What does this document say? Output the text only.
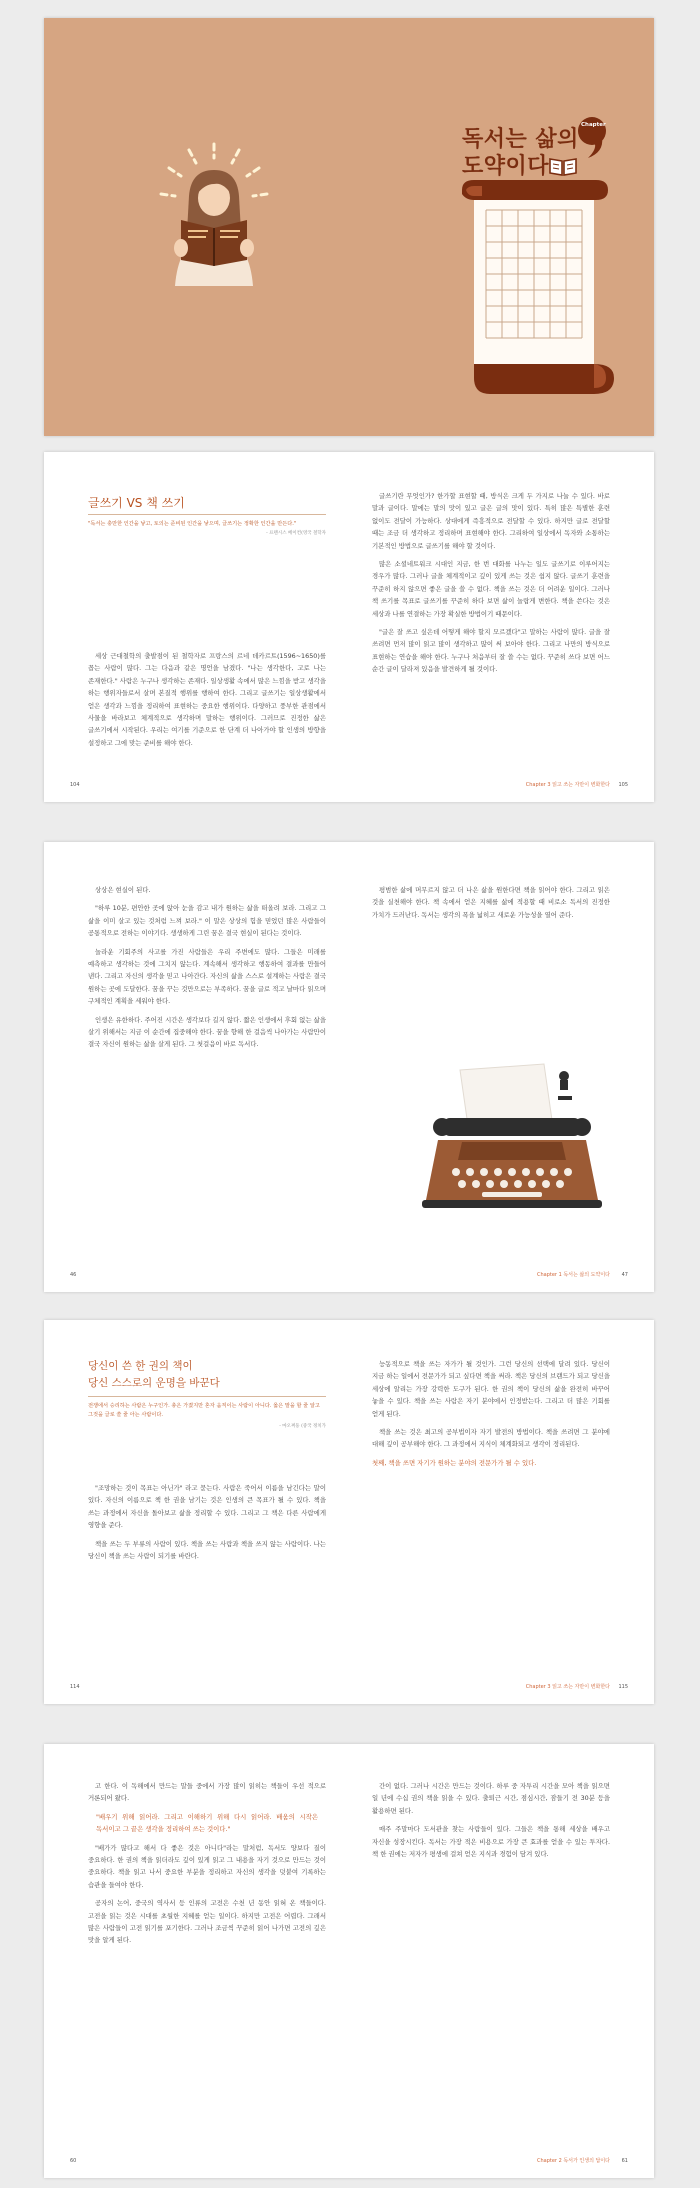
독서는 삶의
도약이다
Chapter
글쓰기 VS 책 쓰기
"독서는 충만한 인간을 낳고, 토의는 준비된 인간을 낳으며, 글쓰기는 정확한 인간을 만든다."
- 프랜시스 베이컨(영국 철학자

세상 근대철학의 출발점이 된 철학자로 프랑스의 르네 데카르트(1596~1650)를 꼽는 사람이 많다. 그는 다음과 같은 명언을 남겼다. "나는 생각한다, 고로 나는 존재한다." 사람은 누구나 생각하는 존재다. 일상생활 속에서 많은 느낌을 받고 생각을 하는 행위자들로서 살며 본질적 행위를 행하여 한다. 그리고 글쓰기는 일상생활에서 얻은 생각과 느낌을 정리하여 표현하는 중요한 행위이다. 다양하고 풍부한 관점에서 사물을 바라보고 체계적으로 생각하며 말하는 행위이다. 그러므로 진정한 삶은 글쓰기에서 시작된다. 우리는 여기를 기준으로 한 단계 더 나아가야 할 인생의 방향을 설정하고 그에 맞는 준비를 해야 한다.

글쓰기란 무엇인가? 한가할 표현할 때, 방식은 크게 두 가지로 나눌 수 있다. 바로 말과 글이다. 말에는 말의 맛이 있고 글은 글의 맛이 있다. 특히 많은 특별한 훈련 없이도 전달이 가능하다. 상대에게 즉흥적으로 전달할 수 있다. 하지만 글로 전달할 때는 조금 더 생각하고 정리하며 표현해야 한다. 그리하여 일상에서 독자와 소통하는 기본적인 방법으로 글쓰기를 해야 할 것이다.

많은 소셜네트워크 시대인 지금, 한 번 대화를 나누는 일도 글쓰기로 이루어지는 경우가 많다. 그러나 글을 체계적이고 깊이 있게 쓰는 것은 쉽지 않다. 글쓰기 훈련을 꾸준히 하지 않으면 좋은 글을 쓸 수 없다. 책을 쓰는 것은 더 어려운 일이다. 그러나 책 쓰기를 목표로 글쓰기를 꾸준히 하다 보면 삶이 놀랍게 변한다. 책을 쓴다는 것은 세상과 나를 연결하는 가장 확실한 방법이기 때문이다.

"글은 잘 쓰고 싶은데 어떻게 해야 할지 모르겠다"고 말하는 사람이 많다. 글을 잘 쓰려면 먼저 많이 읽고 많이 생각하고 많이 써 보아야 한다. 그리고 나만의 방식으로 표현하는 연습을 해야 한다. 누구나 처음부터 잘 쓸 수는 없다. 꾸준히 쓰다 보면 어느 순간 글이 달라져 있음을 발견하게 될 것이다.

104	Chapter 3 읽고 쓰는 자만이 변화한다 105

상상은 현실이 된다.

"하루 10분, 편안한 곳에 앉아 눈을 감고 내가 원하는 삶을 떠올려 보라. 그리고 그 삶을 이미 살고 있는 것처럼 느껴 보라." 이 말은 상상의 힘을 믿었던 많은 사람들이 공통적으로 전하는 이야기다. 생생하게 그린 꿈은 결국 현실이 된다는 것이다.

놀라운 기회주의 사고를 가진 사람들은 우리 주변에도 많다. 그들은 미래를 예측하고 생각하는 것에 그치지 않는다. 계속해서 생각하고 행동하여 결과를 만들어 낸다. 그리고 자신의 생각을 믿고 나아간다. 자신의 삶을 스스로 설계하는 사람은 결국 원하는 곳에 도달한다. 꿈을 꾸는 것만으로는 부족하다. 꿈을 글로 적고 날마다 읽으며 구체적인 계획을 세워야 한다.

인생은 유한하다. 주어진 시간은 생각보다 길지 않다. 짧은 인생에서 후회 없는 삶을 살기 위해서는 지금 이 순간에 집중해야 한다. 꿈을 향해 한 걸음씩 나아가는 사람만이 결국 자신이 원하는 삶을 살게 된다. 그 첫걸음이 바로 독서다.

평범한 삶에 머무르지 않고 더 나은 삶을 원한다면 책을 읽어야 한다. 그리고 읽은 것을 실천해야 한다. 책 속에서 얻은 지혜를 삶에 적용할 때 비로소 독서의 진정한 가치가 드러난다. 독서는 생각의 폭을 넓히고 새로운 가능성을 열어 준다.

46	Chapter 1 독서는 삶의 도약이다 47
당신이 쓴 한 권의 책이
당신 스스로의 운명을 바꾼다
전쟁에서 승리하는 사람은 누구인가. 총은 가졌지만 혼자 움직이는 사람이 아니다. 옳은 말을 할 줄 알고 그것을 글로 쓸 줄 아는 사람이다.
- 마오쩌둥 (중국 정치가

"조망하는 것이 목표는 아닌가" 라고 묻는다. 사람은 죽어서 이름을 남긴다는 말이 있다. 자신의 이름으로 책 한 권을 남기는 것은 인생의 큰 목표가 될 수 있다. 책을 쓰는 과정에서 자신을 돌아보고 삶을 정리할 수 있다. 그리고 그 책은 다른 사람에게 영향을 준다.

책을 쓰는 두 부류의 사람이 있다. 책을 쓰는 사람과 책을 쓰지 않는 사람이다. 나는 당신이 책을 쓰는 사람이 되기를 바란다.

능동적으로 책을 쓰는 자가가 될 것인가. 그런 당신의 선택에 달려 있다. 당신이 지금 하는 일에서 전문가가 되고 싶다면 책을 써라. 책은 당신의 브랜드가 되고 당신을 세상에 알리는 가장 강력한 도구가 된다. 한 권의 책이 당신의 삶을 완전히 바꾸어 놓을 수 있다. 책을 쓰는 사람은 자기 분야에서 인정받는다. 그리고 더 많은 기회를 얻게 된다.

책을 쓰는 것은 최고의 공부법이자 자기 발전의 방법이다. 책을 쓰려면 그 분야에 대해 깊이 공부해야 한다. 그 과정에서 지식이 체계화되고 생각이 정리된다.

첫째, 책을 쓰면 자기가 원하는 분야의 전문가가 될 수 있다.

114	Chapter 3 읽고 쓰는 자만이 변화한다 115

고 한다. 이 독해에서 만드는 말들 중에서 가장 많이 읽히는 책들이 우선 적으로 거론되어 왔다.

"배우기 위해 읽어라. 그리고 이해하기 위해 다시 읽어라. 배움의 시작은 독서이고 그 끝은 생각을 정리하여 쓰는 것이다."

"배가가 많다고 해서 다 좋은 것은 아니다"라는 말처럼, 독서도 양보다 질이 중요하다. 한 권의 책을 읽더라도 깊이 있게 읽고 그 내용을 자기 것으로 만드는 것이 중요하다. 책을 읽고 나서 중요한 부분을 정리하고 자신의 생각을 덧붙여 기록하는 습관을 들여야 한다.

공자의 논어, 중국의 역사서 등 인류의 고전은 수천 년 동안 읽혀 온 책들이다. 고전을 읽는 것은 시대를 초월한 지혜를 얻는 일이다. 하지만 고전은 어렵다. 그래서 많은 사람들이 고전 읽기를 포기한다. 그러나 조금씩 꾸준히 읽어 나가면 고전의 깊은 맛을 알게 된다.

간이 없다. 그러나 시간은 만드는 것이다. 하루 중 자투리 시간을 모아 책을 읽으면 일 년에 수십 권의 책을 읽을 수 있다. 출퇴근 시간, 점심시간, 잠들기 전 30분 등을 활용하면 된다.

매주 주말마다 도서관을 찾는 사람들이 있다. 그들은 책을 통해 세상을 배우고 자신을 성장시킨다. 독서는 가장 적은 비용으로 가장 큰 효과를 얻을 수 있는 투자다. 책 한 권에는 저자가 평생에 걸쳐 얻은 지식과 경험이 담겨 있다.

60	Chapter 2 독서가 인생의 답이다 61
